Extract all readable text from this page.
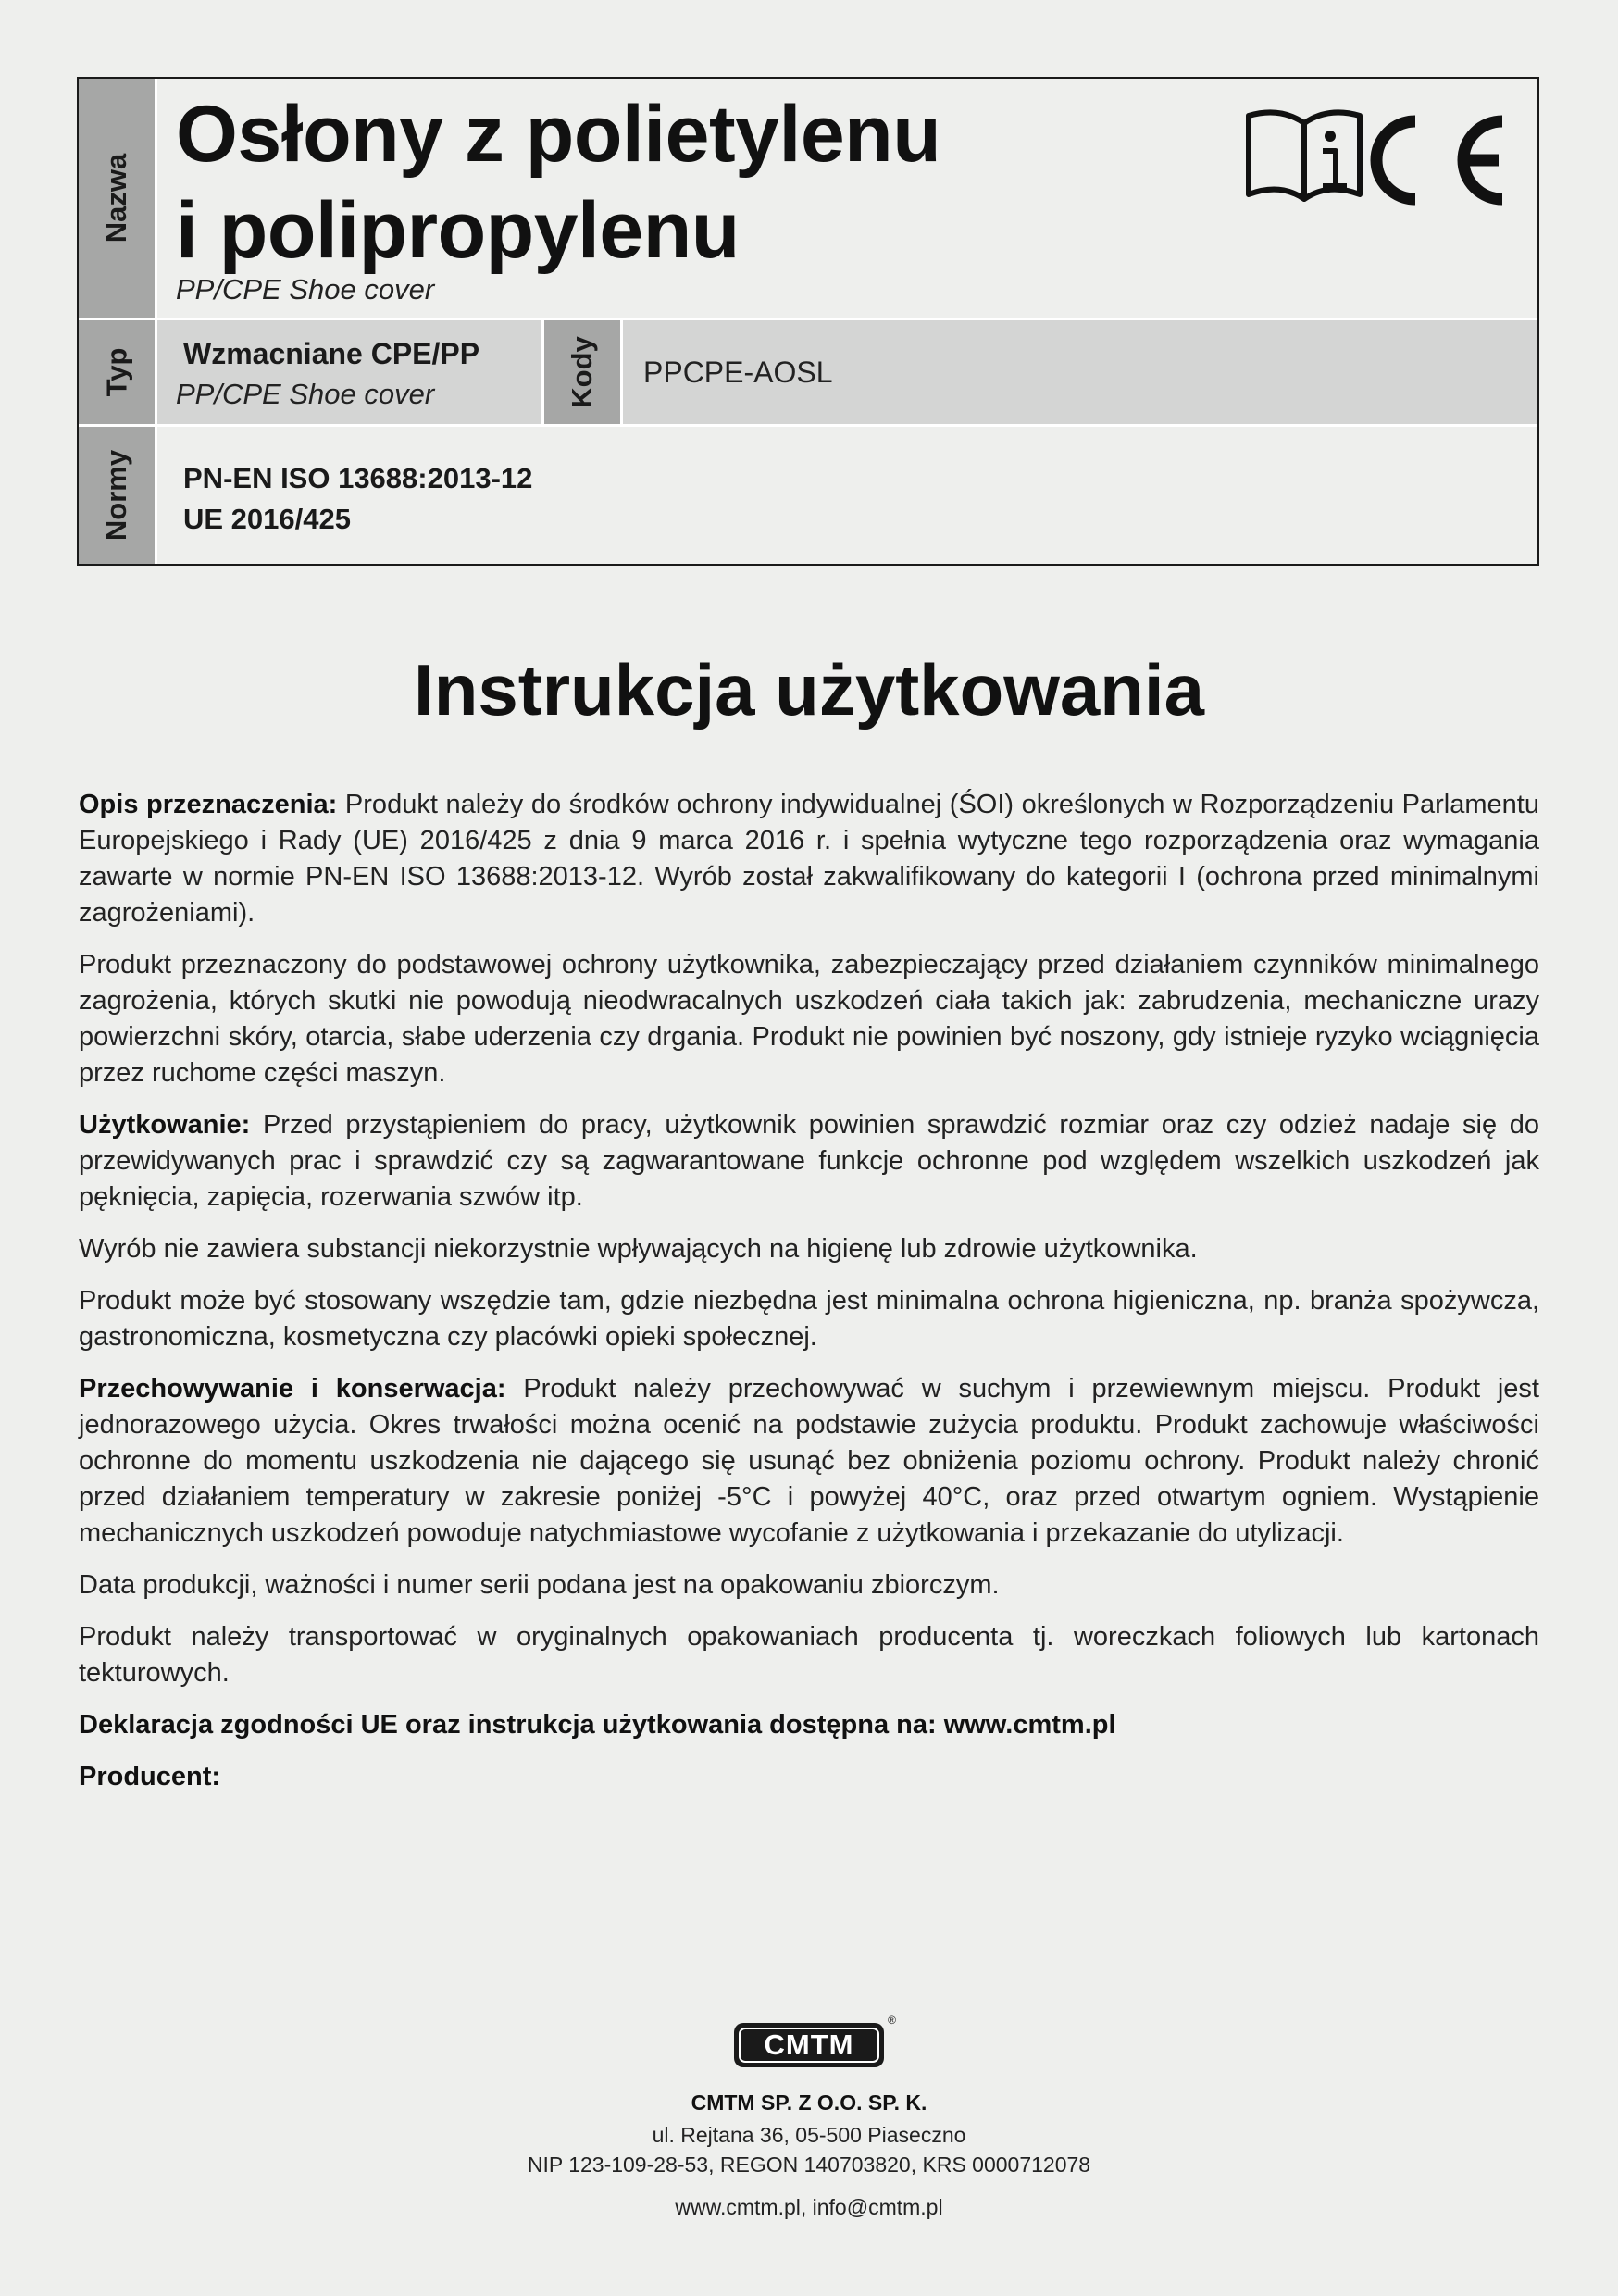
Nazwa
Osłony z polietylenu
i polipropylenu
PP/CPE Shoe cover
Typ Wzmacniane CPE/PP
PP/CPE Shoe cover	Kody PPCPE-AOSL
Normy PN-EN ISO 13688:2013-12
UE 2016/425
Instrukcja użytkowania

Opis przeznaczenia: Produkt należy do środków ochrony indywidualnej (ŚOI) określonych w Rozporządzeniu Parlamentu Europejskiego i Rady (UE) 2016/425 z dnia 9 marca 2016 r. i spełnia wytyczne tego rozporządzenia oraz wymagania zawarte w normie PN-EN ISO 13688:2013-12. Wyrób został zakwalifikowany do kategorii I (ochrona przed minimalnymi zagrożeniami).

Produkt przeznaczony do podstawowej ochrony użytkownika, zabezpieczający przed działaniem czynników minimalnego zagrożenia, których skutki nie powodują nieodwracalnych uszkodzeń ciała takich jak: zabrudzenia, mechaniczne urazy powierzchni skóry, otarcia, słabe uderzenia czy drgania. Produkt nie powinien być noszony, gdy istnieje ryzyko wciągnięcia przez ruchome części maszyn.

Użytkowanie: Przed przystąpieniem do pracy, użytkownik powinien sprawdzić rozmiar oraz czy odzież nadaje się do przewidywanych prac i sprawdzić czy są zagwarantowane funkcje ochronne pod względem wszelkich uszkodzeń jak pęknięcia, zapięcia, rozerwania szwów itp.

Wyrób nie zawiera substancji niekorzystnie wpływających na higienę lub zdrowie użytkownika.

Produkt może być stosowany wszędzie tam, gdzie niezbędna jest minimalna ochrona higieniczna, np. branża spożywcza, gastronomiczna, kosmetyczna czy placówki opieki społecznej.

Przechowywanie i konserwacja: Produkt należy przechowywać w suchym i przewiewnym miejscu. Produkt jest jednorazowego użycia. Okres trwałości można ocenić na podstawie zużycia produktu. Produkt zachowuje właściwości ochronne do momentu uszkodzenia nie dającego się usunąć bez obniżenia poziomu ochrony. Produkt należy chronić przed działaniem temperatury w zakresie poniżej -5°C i powyżej 40°C, oraz przed otwartym ogniem. Wystąpienie mechanicznych uszkodzeń powoduje natychmiastowe wycofanie z użytkowania i przekazanie do utylizacji.

Data produkcji, ważności i numer serii podana jest na opakowaniu zbiorczym.

Produkt należy transportować w oryginalnych opakowaniach producenta tj. woreczkach foliowych lub kartonach tekturowych.

Deklaracja zgodności UE oraz instrukcja użytkowania dostępna na: www.cmtm.pl

Producent:

CMTM
®
CMTM SP. Z O.O. SP. K.
ul. Rejtana 36, 05-500 Piaseczno
NIP 123-109-28-53, REGON 140703820, KRS 0000712078
www.cmtm.pl, info@cmtm.pl
